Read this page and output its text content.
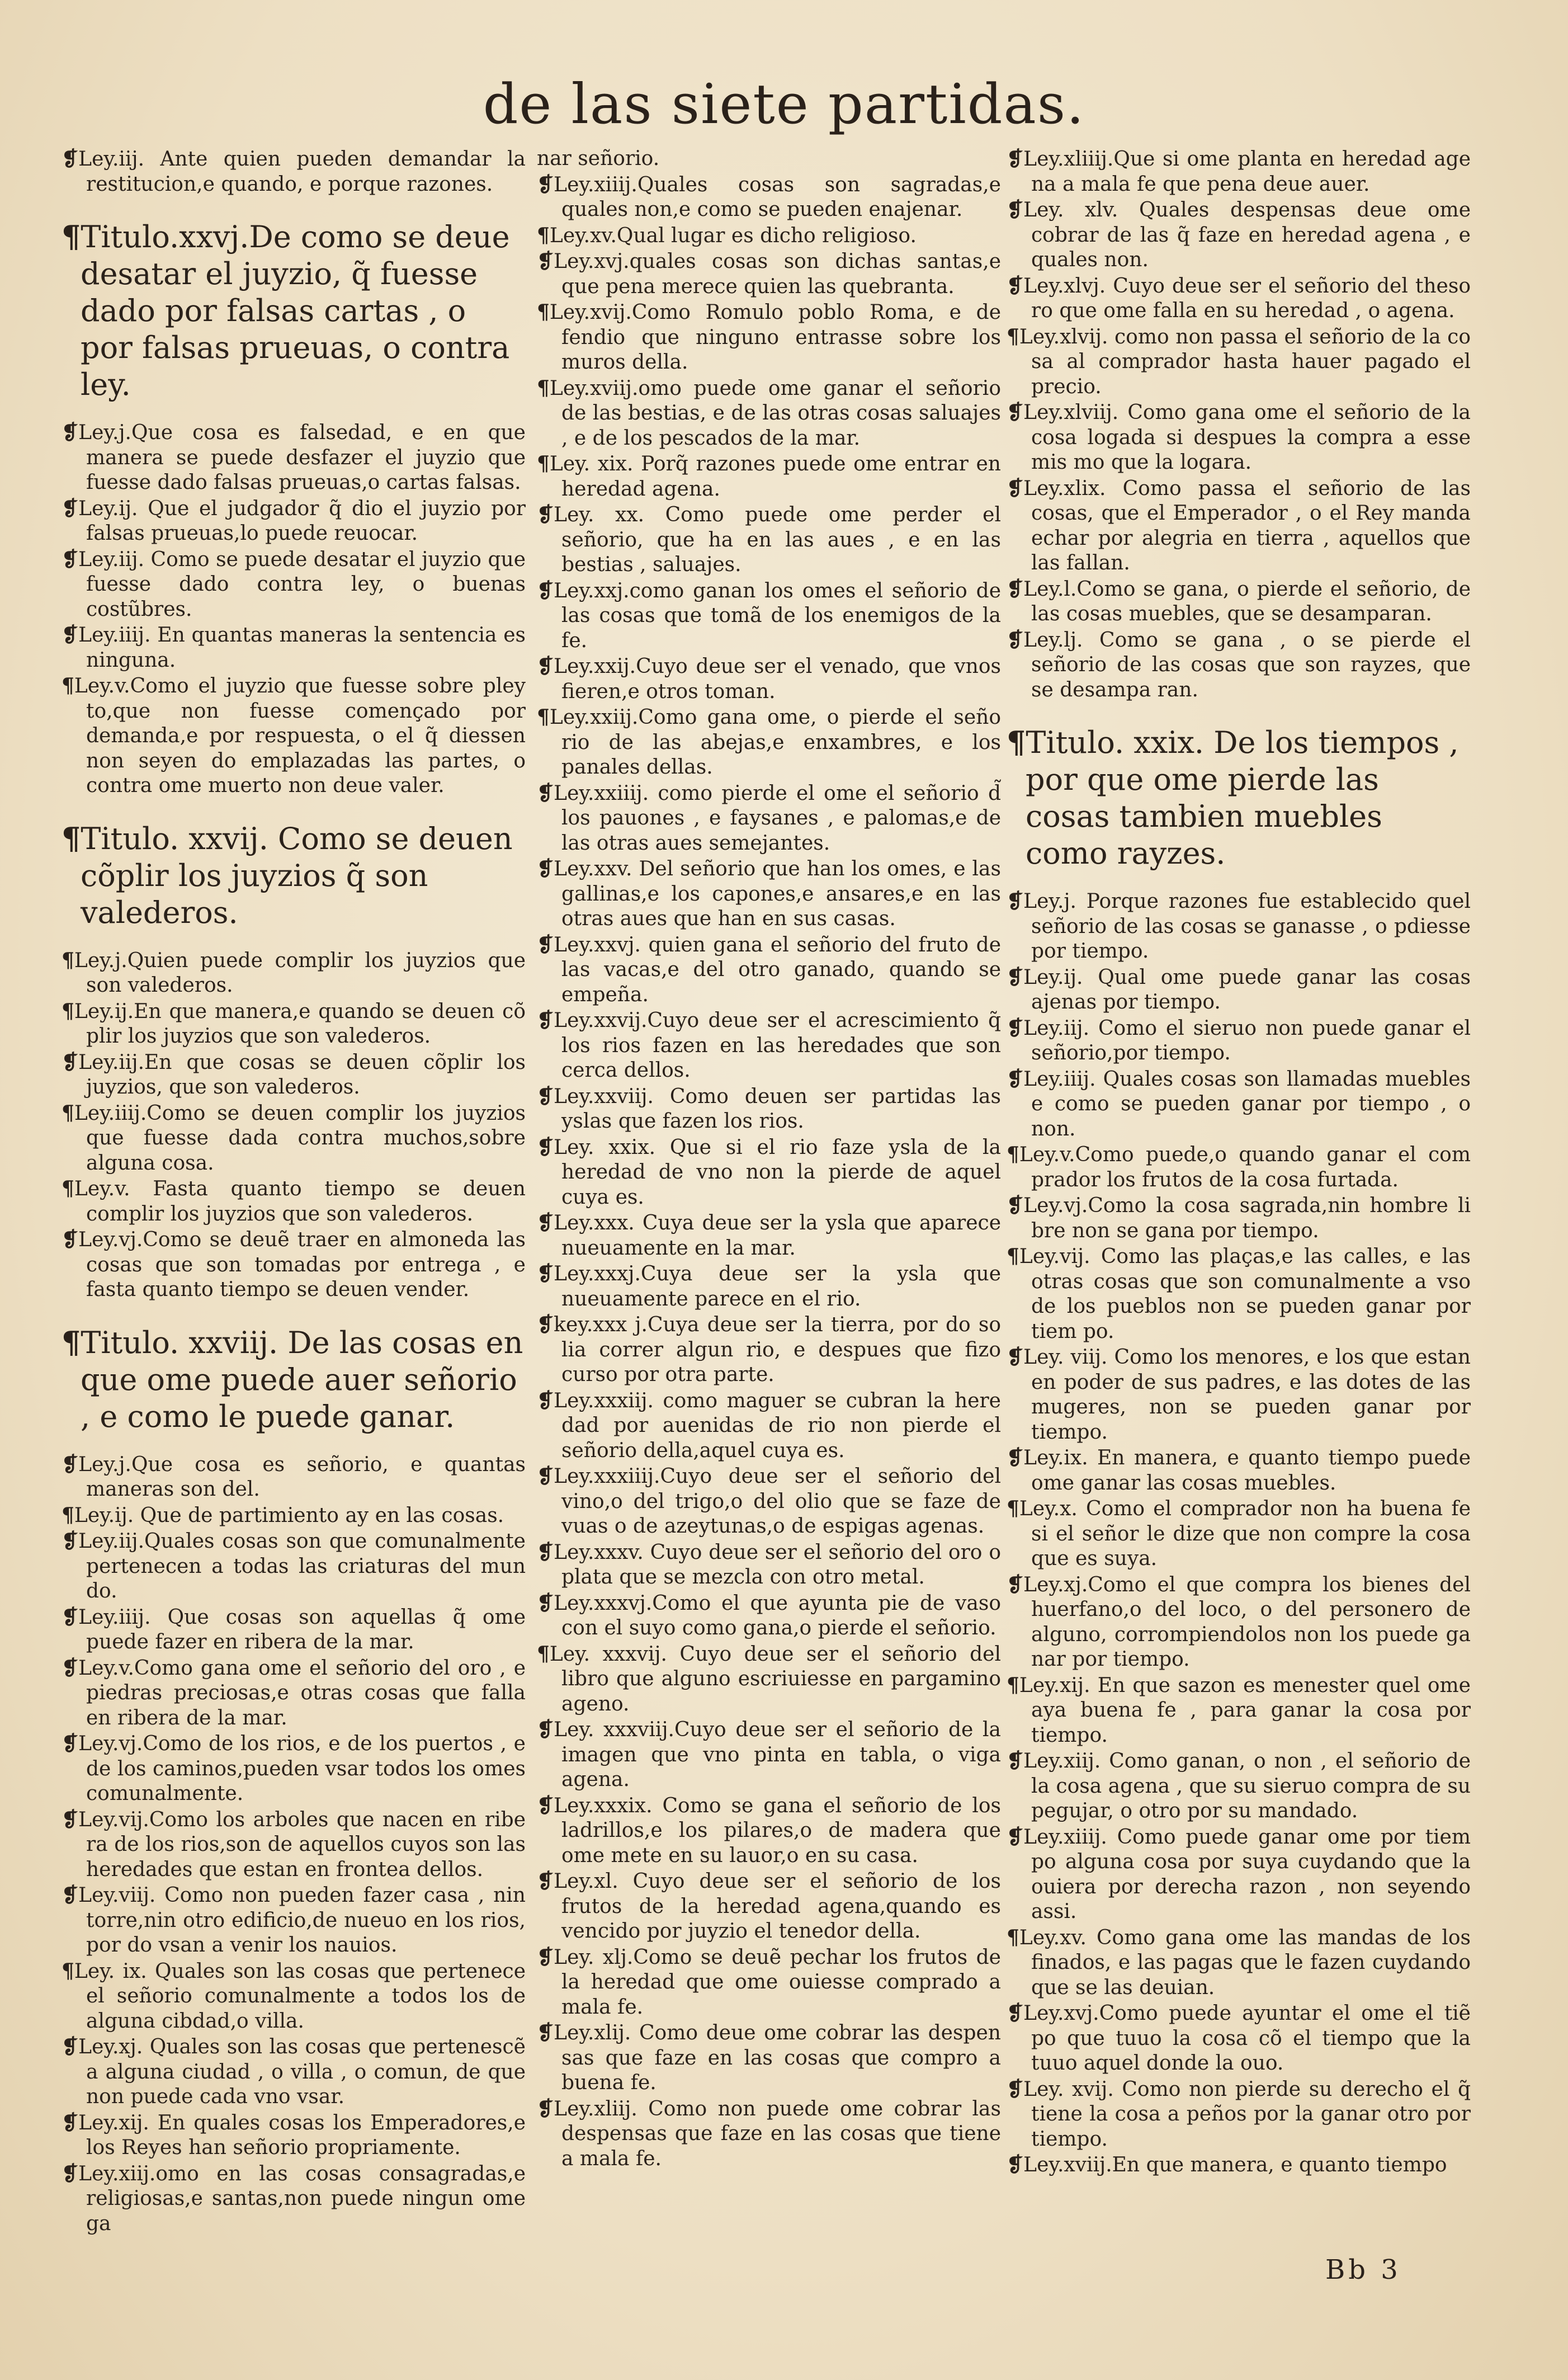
de las siete partidas.
❡Ley.iij. Ante quien pueden demandar la restitucion,e quando, e porque razones.
¶Titulo.xxvj.De como se deue desatar el juyzio, q̃ fuesse dado por falsas cartas , o por falsas prueuas, o contra ley.
❡Ley.j.Que cosa es falsedad, e en que manera se puede desfazer el juyzio que fuesse dado falsas prueuas,o cartas falsas.
❡Ley.ij. Que el judgador q̃ dio el juyzio por falsas prueuas,lo puede reuocar.
❡Ley.iij. Como se puede desatar el juyzio que fuesse dado contra ley, o buenas costũbres.
❡Ley.iiij. En quantas maneras la sentencia es ninguna.
¶Ley.v.Como el juyzio que fuesse sobre pley to,que non fuesse començado por demanda,e por respuesta, o el q̃ diessen non seyen do emplazadas las partes, o contra ome muerto non deue valer.
¶Titulo. xxvij. Como se deuen cõplir los juyzios q̃ son valederos.
¶Ley.j.Quien puede complir los juyzios que son valederos.
¶Ley.ij.En que manera,e quando se deuen cõ plir los juyzios que son valederos.
❡Ley.iij.En que cosas se deuen cõplir los juyzios, que son valederos.
¶Ley.iiij.Como se deuen complir los juyzios que fuesse dada contra muchos,sobre alguna cosa.
¶Ley.v. Fasta quanto tiempo se deuen complir los juyzios que son valederos.
❡Ley.vj.Como se deuẽ traer en almoneda las cosas que son tomadas por entrega , e fasta quanto tiempo se deuen vender.
¶Titulo. xxviij. De las cosas en que ome puede auer señorio , e como le puede ganar.
❡Ley.j.Que cosa es señorio, e quantas maneras son del.
¶Ley.ij. Que de partimiento ay en las cosas.
❡Ley.iij.Quales cosas son que comunalmente pertenecen a todas las criaturas del mun do.
❡Ley.iiij. Que cosas son aquellas q̃ ome puede fazer en ribera de la mar.
❡Ley.v.Como gana ome el señorio del oro , e piedras preciosas,e otras cosas que falla en ribera de la mar.
❡Ley.vj.Como de los rios, e de los puertos , e de los caminos,pueden vsar todos los omes comunalmente.
❡Ley.vij.Como los arboles que nacen en ribe ra de los rios,son de aquellos cuyos son las heredades que estan en frontea dellos.
❡Ley.viij. Como non pueden fazer casa , nin torre,nin otro edificio,de nueuo en los rios, por do vsan a venir los nauios.
¶Ley. ix. Quales son las cosas que pertenece el señorio comunalmente a todos los de alguna cibdad,o villa.
❡Ley.xj. Quales son las cosas que pertenescẽ a alguna ciudad , o villa , o comun, de que non puede cada vno vsar.
❡Ley.xij. En quales cosas los Emperadores,e los Reyes han señorio propriamente.
❡Ley.xiij.omo en las cosas consagradas,e religiosas,e santas,non puede ningun ome ga
nar señorio.
❡Ley.xiiij.Quales cosas son sagradas,e quales non,e como se pueden enajenar.
¶Ley.xv.Qual lugar es dicho religioso.
❡Ley.xvj.quales cosas son dichas santas,e que pena merece quien las quebranta.
¶Ley.xvij.Como Romulo poblo Roma, e de fendio que ninguno entrasse sobre los muros della.
¶Ley.xviij.omo puede ome ganar el señorio de las bestias, e de las otras cosas saluajes , e de los pescados de la mar.
¶Ley. xix. Porq̃ razones puede ome entrar en heredad agena.
❡Ley. xx. Como puede ome perder el señorio, que ha en las aues , e en las bestias , saluajes.
❡Ley.xxj.como ganan los omes el señorio de las cosas que tomã de los enemigos de la fe.
❡Ley.xxij.Cuyo deue ser el venado, que vnos fieren,e otros toman.
¶Ley.xxiij.Como gana ome, o pierde el seño rio de las abejas,e enxambres, e los panales dellas.
❡Ley.xxiiij. como pierde el ome el señorio d̃ los pauones , e faysanes , e palomas,e de las otras aues semejantes.
❡Ley.xxv. Del señorio que han los omes, e las gallinas,e los capones,e ansares,e en las otras aues que han en sus casas.
❡Ley.xxvj. quien gana el señorio del fruto de las vacas,e del otro ganado, quando se empeña.
❡Ley.xxvij.Cuyo deue ser el acrescimiento q̃ los rios fazen en las heredades que son cerca dellos.
❡Ley.xxviij. Como deuen ser partidas las yslas que fazen los rios.
❡Ley. xxix. Que si el rio faze ysla de la heredad de vno non la pierde de aquel cuya es.
❡Ley.xxx. Cuya deue ser la ysla que aparece nueuamente en la mar.
❡Ley.xxxj.Cuya deue ser la ysla que nueuamente parece en el rio.
❡key.xxx j.Cuya deue ser la tierra, por do so lia correr algun rio, e despues que fizo curso por otra parte.
❡Ley.xxxiij. como maguer se cubran la here dad por auenidas de rio non pierde el señorio della,aquel cuya es.
❡Ley.xxxiiij.Cuyo deue ser el señorio del vino,o del trigo,o del olio que se faze de vuas o de azeytunas,o de espigas agenas.
❡Ley.xxxv. Cuyo deue ser el señorio del oro o plata que se mezcla con otro metal.
❡Ley.xxxvj.Como el que ayunta pie de vaso con el suyo como gana,o pierde el señorio.
¶Ley. xxxvij. Cuyo deue ser el señorio del libro que alguno escriuiesse en pargamino ageno.
❡Ley. xxxviij.Cuyo deue ser el señorio de la imagen que vno pinta en tabla, o viga agena.
❡Ley.xxxix. Como se gana el señorio de los ladrillos,e los pilares,o de madera que ome mete en su lauor,o en su casa.
❡Ley.xl. Cuyo deue ser el señorio de los frutos de la heredad agena,quando es vencido por juyzio el tenedor della.
❡Ley. xlj.Como se deuẽ pechar los frutos de la heredad que ome ouiesse comprado a mala fe.
❡Ley.xlij. Como deue ome cobrar las despen sas que faze en las cosas que compro a buena fe.
❡Ley.xliij. Como non puede ome cobrar las despensas que faze en las cosas que tiene a mala fe.
❡Ley.xliiij.Que si ome planta en heredad age na a mala fe que pena deue auer.
❡Ley. xlv. Quales despensas deue ome cobrar de las q̃ faze en heredad agena , e quales non.
❡Ley.xlvj. Cuyo deue ser el señorio del theso ro que ome falla en su heredad , o agena.
¶Ley.xlvij. como non passa el señorio de la co sa al comprador hasta hauer pagado el precio.
❡Ley.xlviij. Como gana ome el señorio de la cosa logada si despues la compra a esse mis mo que la logara.
❡Ley.xlix. Como passa el señorio de las cosas, que el Emperador , o el Rey manda echar por alegria en tierra , aquellos que las fallan.
❡Ley.l.Como se gana, o pierde el señorio, de las cosas muebles, que se desamparan.
❡Ley.lj. Como se gana , o se pierde el señorio de las cosas que son rayzes, que se desampa ran.
¶Titulo. xxix. De los tiempos , por que ome pierde las cosas tambien muebles como rayzes.
❡Ley.j. Porque razones fue establecido quel señorio de las cosas se ganasse , o pdiesse por tiempo.
❡Ley.ij. Qual ome puede ganar las cosas ajenas por tiempo.
❡Ley.iij. Como el sieruo non puede ganar el señorio,por tiempo.
❡Ley.iiij. Quales cosas son llamadas muebles e como se pueden ganar por tiempo , o non.
¶Ley.v.Como puede,o quando ganar el com prador los frutos de la cosa furtada.
❡Ley.vj.Como la cosa sagrada,nin hombre li bre non se gana por tiempo.
¶Ley.vij. Como las plaças,e las calles, e las otras cosas que son comunalmente a vso de los pueblos non se pueden ganar por tiem po.
❡Ley. viij. Como los menores, e los que estan en poder de sus padres, e las dotes de las mugeres, non se pueden ganar por tiempo.
❡Ley.ix. En manera, e quanto tiempo puede ome ganar las cosas muebles.
¶Ley.x. Como el comprador non ha buena fe si el señor le dize que non compre la cosa que es suya.
❡Ley.xj.Como el que compra los bienes del huerfano,o del loco, o del personero de alguno, corrompiendolos non los puede ga nar por tiempo.
¶Ley.xij. En que sazon es menester quel ome aya buena fe , para ganar la cosa por tiempo.
❡Ley.xiij. Como ganan, o non , el señorio de la cosa agena , que su sieruo compra de su pegujar, o otro por su mandado.
❡Ley.xiiij. Como puede ganar ome por tiem po alguna cosa por suya cuydando que la ouiera por derecha razon , non seyendo assi.
¶Ley.xv. Como gana ome las mandas de los finados, e las pagas que le fazen cuydando que se las deuian.
❡Ley.xvj.Como puede ayuntar el ome el tiẽ po que tuuo la cosa cõ el tiempo que la tuuo aquel donde la ouo.
❡Ley. xvij. Como non pierde su derecho el q̃ tiene la cosa a peños por la ganar otro por tiempo.
❡Ley.xviij.En que manera, e quanto tiempo
Bb 3
